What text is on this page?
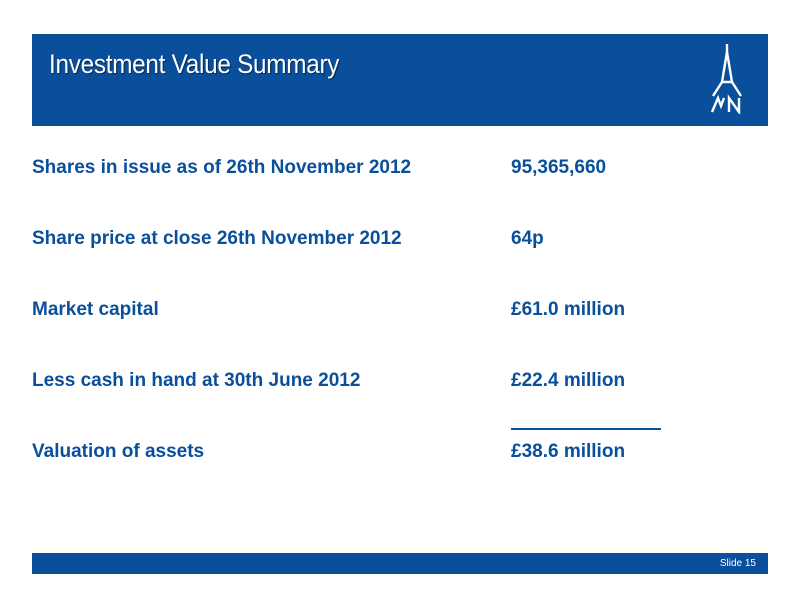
Investment Value Summary
Shares in issue as of 26th November 2012	95,365,660
Share price at close 26th November 2012	64p
Market capital	£61.0 million
Less cash in hand at 30th June 2012	£22.4 million
Valuation of assets	£38.6 million
Slide 15
